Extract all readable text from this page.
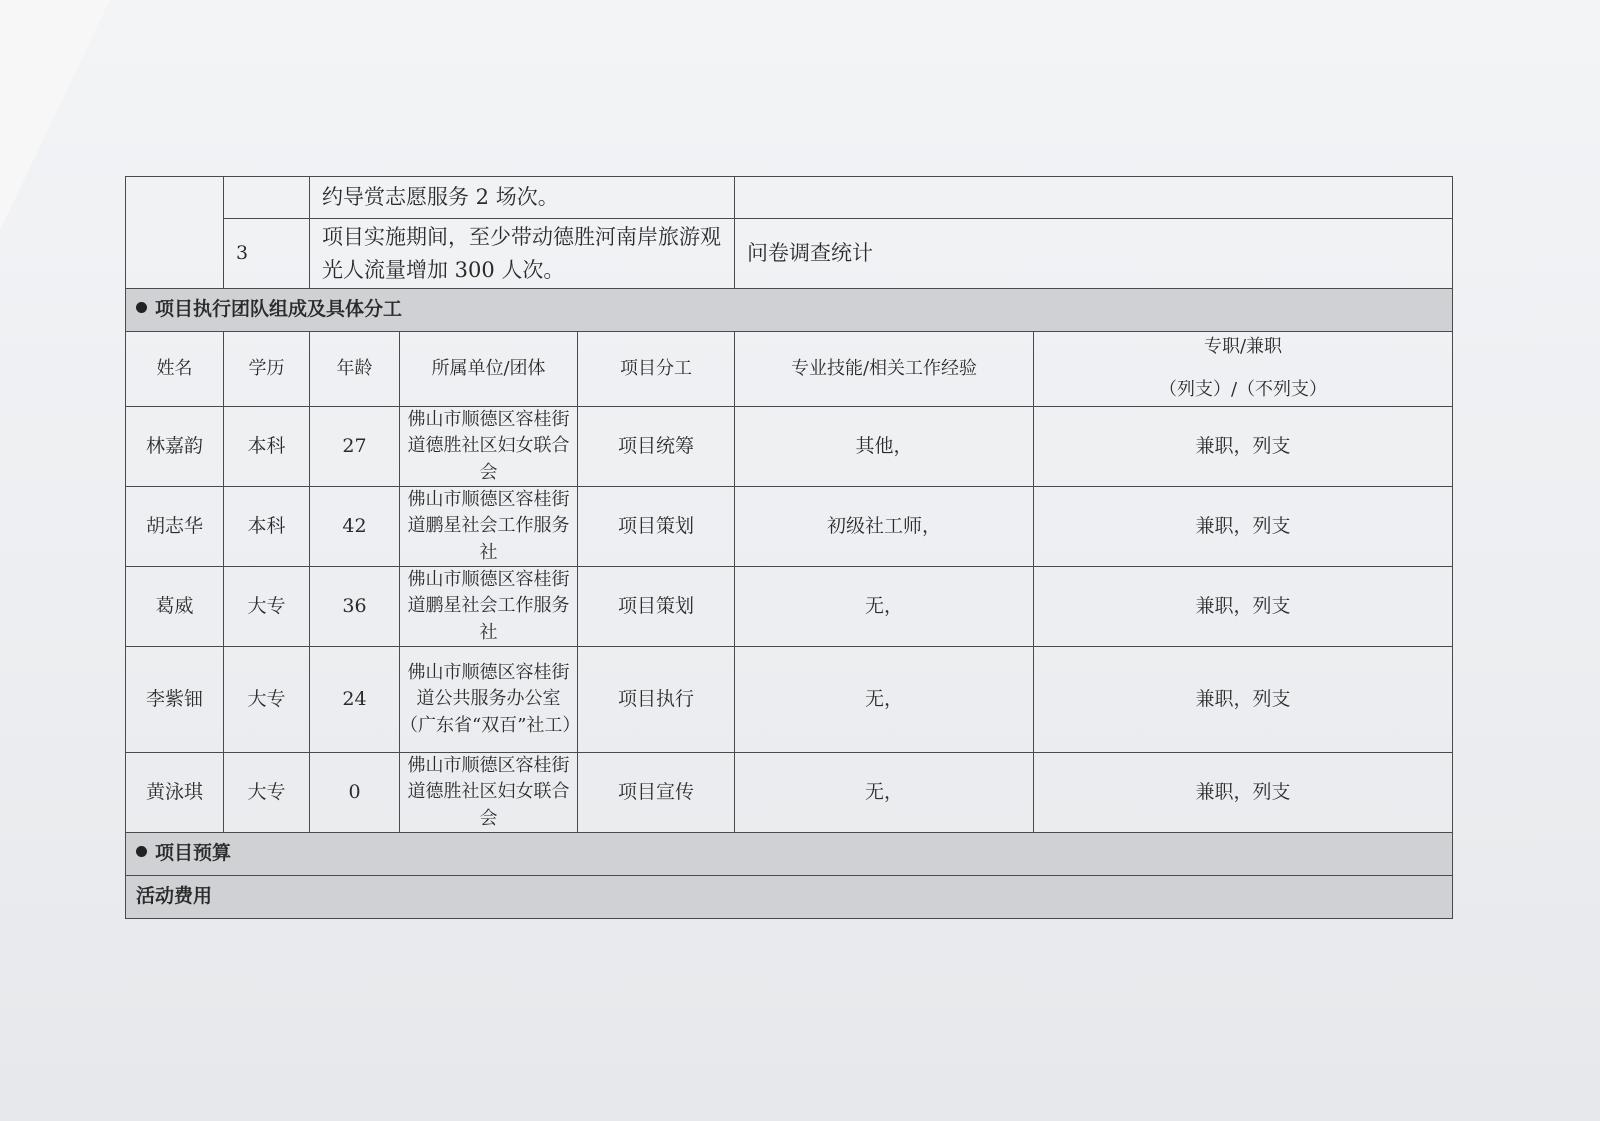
		约导赏志愿服务 2 场次。				
	3	项目实施期间，至少带动德胜河南岸旅游观光人流量增加 300 人次。			问卷调查统计	
项目执行团队组成及具体分工						
姓名	学历	年龄	所属单位/团体	项目分工	专业技能/相关工作经验	专职/兼职
（列支）/（不列支）

林嘉韵	本科	27	佛山市顺德区容桂街道德胜社区妇女联合会	项目统筹	其他，	兼职，列支
胡志华	本科	42	佛山市顺德区容桂街道鹏星社会工作服务社	项目策划	初级社工师，	兼职，列支
葛威	大专	36	佛山市顺德区容桂街道鹏星社会工作服务社	项目策划	无，	兼职，列支
李紫钿	大专	24	佛山市顺德区容桂街道公共服务办公室（广东省“双百”社工）	项目执行	无，	兼职，列支
黄泳琪	大专	0	佛山市顺德区容桂街道德胜社区妇女联合会	项目宣传	无，	兼职，列支
项目预算						
活动费用						
